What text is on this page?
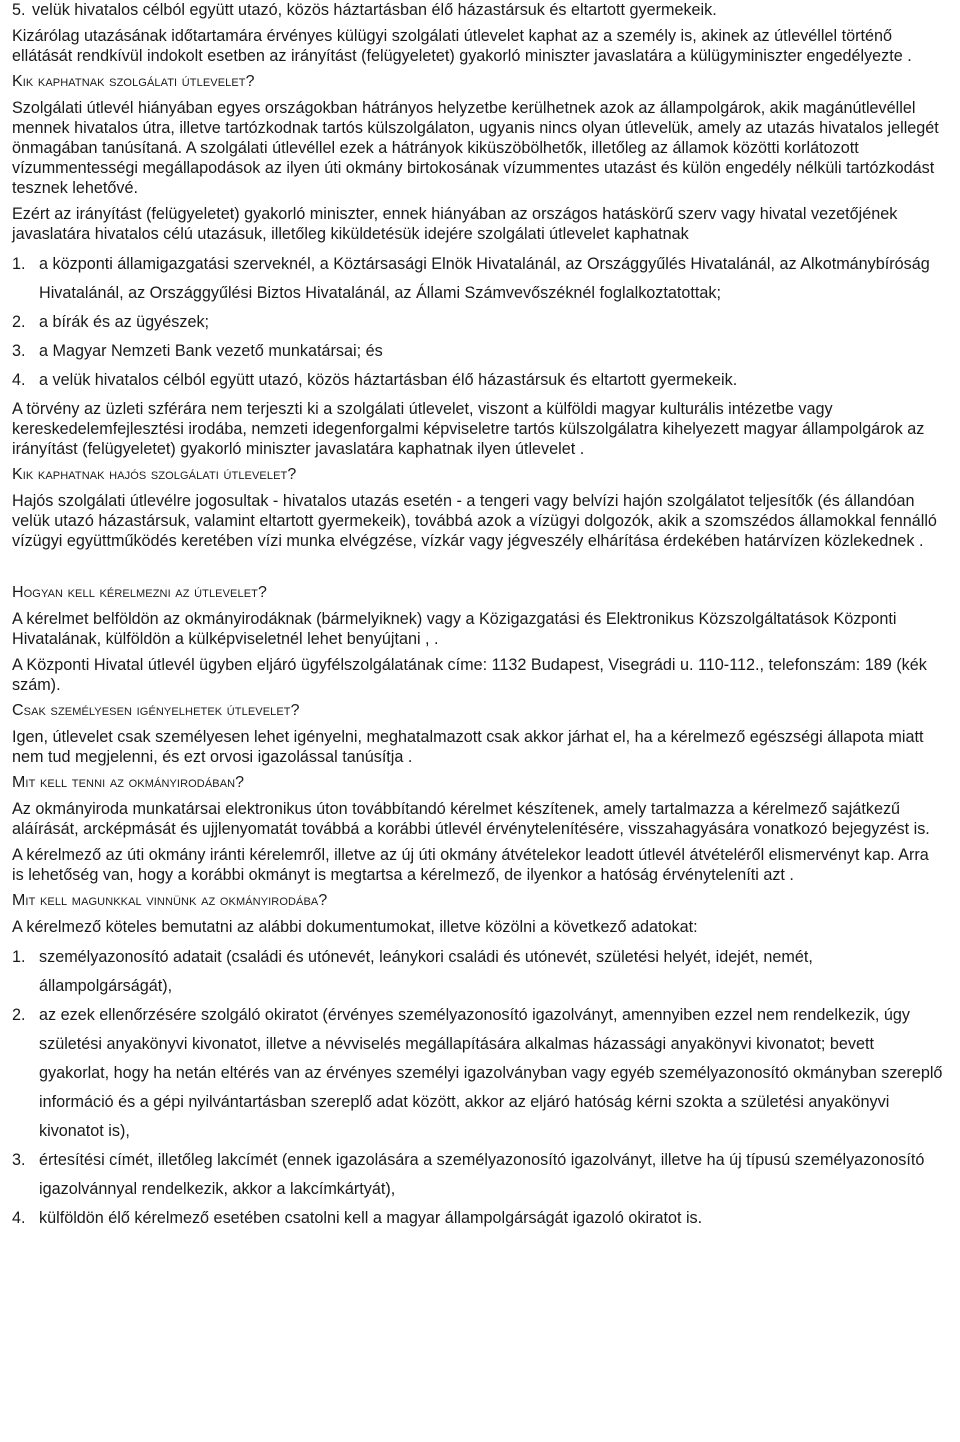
5. velük hivatalos célból együtt utazó, közös háztartásban élő házastársuk és eltartott gyermekeik.

Kizárólag utazásának időtartamára érvényes külügyi szolgálati útlevelet kaphat az a személy is, akinek az útlevéllel történő ellátását rendkívül indokolt esetben az irányítást (felügyeletet) gyakorló miniszter javaslatára a külügyminiszter engedélyezte .

Kik kaphatnak szolgálati útlevelet?

Szolgálati útlevél hiányában egyes országokban hátrányos helyzetbe kerülhetnek azok az állampolgárok, akik magánútlevéllel mennek hivatalos útra, illetve tartózkodnak tartós külszolgálaton, ugyanis nincs olyan útlevelük, amely az utazás hivatalos jellegét önmagában tanúsítaná. A szolgálati útlevéllel ezek a hátrányok kiküszöbölhetők, illetőleg az államok közötti korlátozott vízummentességi megállapodások az ilyen úti okmány birtokosának vízummentes utazást és külön engedély nélküli tartózkodást tesznek lehetővé.

Ezért az irányítást (felügyeletet) gyakorló miniszter, ennek hiányában az országos hatáskörű szerv vagy hivatal vezetőjének javaslatára hivatalos célú utazásuk, illetőleg kiküldetésük idejére szolgálati útlevelet kaphatnak

1. a központi államigazgatási szerveknél, a Köztársasági Elnök Hivatalánál, az Országgyűlés Hivatalánál, az Alkotmánybíróság Hivatalánál, az Országgyűlési Biztos Hivatalánál, az Állami Számvevőszéknél foglalkoztatottak;
2. a bírák és az ügyészek;
3. a Magyar Nemzeti Bank vezető munkatársai; és
4. a velük hivatalos célból együtt utazó, közös háztartásban élő házastársuk és eltartott gyermekeik.

A törvény az üzleti szférára nem terjeszti ki a szolgálati útlevelet, viszont a külföldi magyar kulturális intézetbe vagy kereskedelemfejlesztési irodába, nemzeti idegenforgalmi képviseletre tartós külszolgálatra kihelyezett magyar állampolgárok az irányítást (felügyeletet) gyakorló miniszter javaslatára kaphatnak ilyen útlevelet .

Kik kaphatnak hajós szolgálati útlevelet?

Hajós szolgálati útlevélre jogosultak - hivatalos utazás esetén - a tengeri vagy belvízi hajón szolgálatot teljesítők (és állandóan velük utazó házastársuk, valamint eltartott gyermekeik), továbbá azok a vízügyi dolgozók, akik a szomszédos államokkal fennálló vízügyi együttműködés keretében vízi munka elvégzése, vízkár vagy jégveszély elhárítása érdekében határvízen közlekednek .

Hogyan kell kérelmezni az útlevelet?

A kérelmet belföldön az okmányirodáknak (bármelyiknek) vagy a Közigazgatási és Elektronikus Közszolgáltatások Központi Hivatalának, külföldön a külképviseletnél lehet benyújtani , .

A Központi Hivatal útlevél ügyben eljáró ügyfélszolgálatának címe: 1132 Budapest, Visegrádi u. 110-112., telefonszám: 189 (kék szám).

Csak személyesen igényelhetek útlevelet?

Igen, útlevelet csak személyesen lehet igényelni, meghatalmazott csak akkor járhat el, ha a kérelmező egészségi állapota miatt nem tud megjelenni, és ezt orvosi igazolással tanúsítja .

Mit kell tenni az okmányirodában?

Az okmányiroda munkatársai elektronikus úton továbbítandó kérelmet készítenek, amely tartalmazza a kérelmező sajátkezű aláírását, arcképmását és ujjlenyomatát továbbá a korábbi útlevél érvénytelenítésére, visszahagyására vonatkozó bejegyzést is.

A kérelmező az úti okmány iránti kérelemről, illetve az új úti okmány átvételekor leadott útlevél átvételéről elismervényt kap. Arra is lehetőség van, hogy a korábbi okmányt is megtartsa a kérelmező, de ilyenkor a hatóság érvényteleníti azt .

Mit kell magunkkal vinnünk az okmányirodába?

A kérelmező köteles bemutatni az alábbi dokumentumokat, illetve közölni a következő adatokat:

1. személyazonosító adatait (családi és utónevét, leánykori családi és utónevét, születési helyét, idejét, nemét, állampolgárságát),
2. az ezek ellenőrzésére szolgáló okiratot (érvényes személyazonosító igazolványt, amennyiben ezzel nem rendelkezik, úgy születési anyakönyvi kivonatot, illetve a névviselés megállapítására alkalmas házassági anyakönyvi kivonatot; bevett gyakorlat, hogy ha netán eltérés van az érvényes személyi igazolványban vagy egyéb személyazonosító okmányban szereplő információ és a gépi nyilvántartásban szereplő adat között, akkor az eljáró hatóság kérni szokta a születési anyakönyvi kivonatot is),
3. értesítési címét, illetőleg lakcímét (ennek igazolására a személyazonosító igazolványt, illetve ha új típusú személyazonosító igazolvánnyal rendelkezik, akkor a lakcímkártyát),
4. külföldön élő kérelmező esetében csatolni kell a magyar állampolgárságát igazoló okiratot is.
